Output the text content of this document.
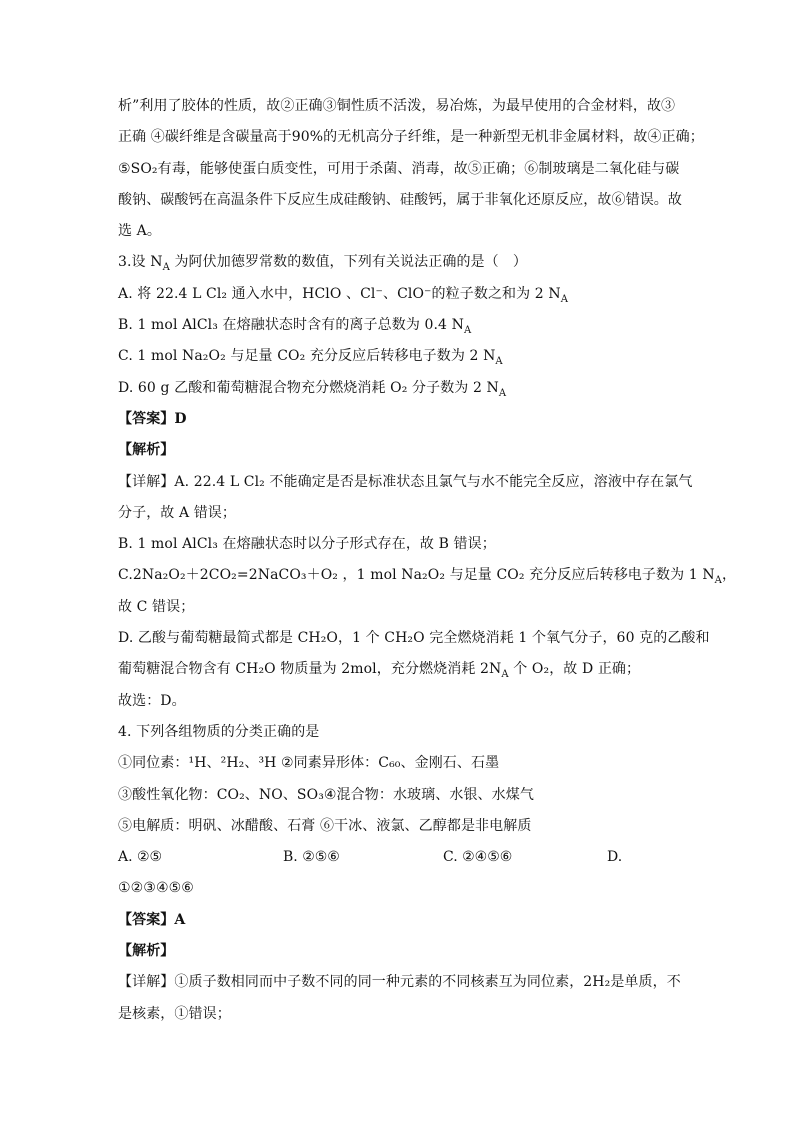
析”利用了胶体的性质，故②正确③铜性质不活泼，易冶炼，为最早使用的合金材料，故③
正确 ④碳纤维是含碳量高于90%的无机高分子纤维，是一种新型无机非金属材料，故④正确；
⑤SO₂有毒，能够使蛋白质变性，可用于杀菌、消毒，故⑤正确；⑥制玻璃是二氧化硅与碳
酸钠、碳酸钙在高温条件下反应生成硅酸钠、硅酸钙，属于非氧化还原反应，故⑥错误。故
选 A。
3.设 $N_A$ 为阿伏加德罗常数的数值，下列有关说法正确的是（　）
A. 将 22.4 L Cl₂ 通入水中，HClO 、Cl⁻、ClO⁻的粒子数之和为 2 $N_A$
B. 1 mol AlCl₃ 在熔融状态时含有的离子总数为 0.4 $N_A$
C. 1 mol Na₂O₂ 与足量 CO₂ 充分反应后转移电子数为 2 $N_A$
D. 60 g 乙酸和葡萄糖混合物充分燃烧消耗 O₂ 分子数为 2 $N_A$
【答案】D
【解析】
【详解】A. 22.4 L Cl₂ 不能确定是否是标准状态且氯气与水不能完全反应，溶液中存在氯气
分子，故 A 错误；
B. 1 mol AlCl₃ 在熔融状态时以分子形式存在，故 B 错误；
C.2Na₂O₂＋2CO₂=2NaCO₃＋O₂ ，1 mol Na₂O₂ 与足量 CO₂ 充分反应后转移电子数为 1 $N_A$，
故 C 错误；
D. 乙酸与葡萄糖最简式都是 CH₂O，1 个 CH₂O 完全燃烧消耗 1 个氧气分子，60 克的乙酸和
葡萄糖混合物含有 CH₂O 物质量为 2mol，充分燃烧消耗 $2N_A$ 个 O₂，故 D 正确；
故选：D。
4. 下列各组物质的分类正确的是
①同位素：¹H、²H₂、³H ②同素异形体：C₆₀、金刚石、石墨
③酸性氧化物：CO₂、NO、SO₃④混合物：水玻璃、水银、水煤气
⑤电解质：明矾、冰醋酸、石膏 ⑥干冰、液氯、乙醇都是非电解质
A. ②⑤	B. ②⑤⑥	C. ②④⑤⑥	D.
①②③④⑤⑥
【答案】A
【解析】
【详解】①质子数相同而中子数不同的同一种元素的不同核素互为同位素，2H₂是单质，不
是核素，①错误；
